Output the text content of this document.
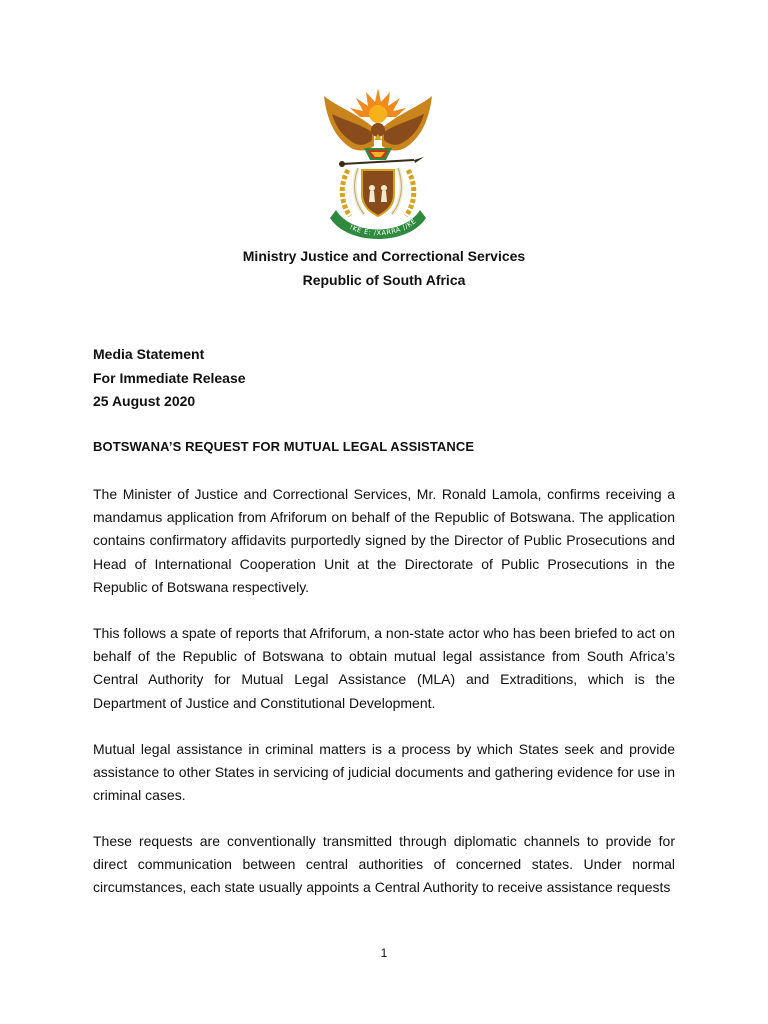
!KE E: /XARRA //KE
Ministry Justice and Correctional Services
Republic of South Africa
Media Statement
For Immediate Release
25 August 2020
BOTSWANA’S REQUEST FOR MUTUAL LEGAL ASSISTANCE

The Minister of Justice and Correctional Services, Mr. Ronald Lamola, confirms receiving a mandamus application from Afriforum on behalf of the Republic of Botswana. The application contains confirmatory affidavits purportedly signed by the Director of Public Prosecutions and Head of International Cooperation Unit at the Directorate of Public Prosecutions in the Republic of Botswana respectively.

This follows a spate of reports that Afriforum, a non-state actor who has been briefed to act on behalf of the Republic of Botswana to obtain mutual legal assistance from South Africa’s Central Authority for Mutual Legal Assistance (MLA) and Extraditions, which is the Department of Justice and Constitutional Development.

Mutual legal assistance in criminal matters is a process by which States seek and provide assistance to other States in servicing of judicial documents and gathering evidence for use in criminal cases.

These requests are conventionally transmitted through diplomatic channels to provide for direct communication between central authorities of concerned states. Under normal circumstances, each state usually appoints a Central Authority to receive assistance requests

1
